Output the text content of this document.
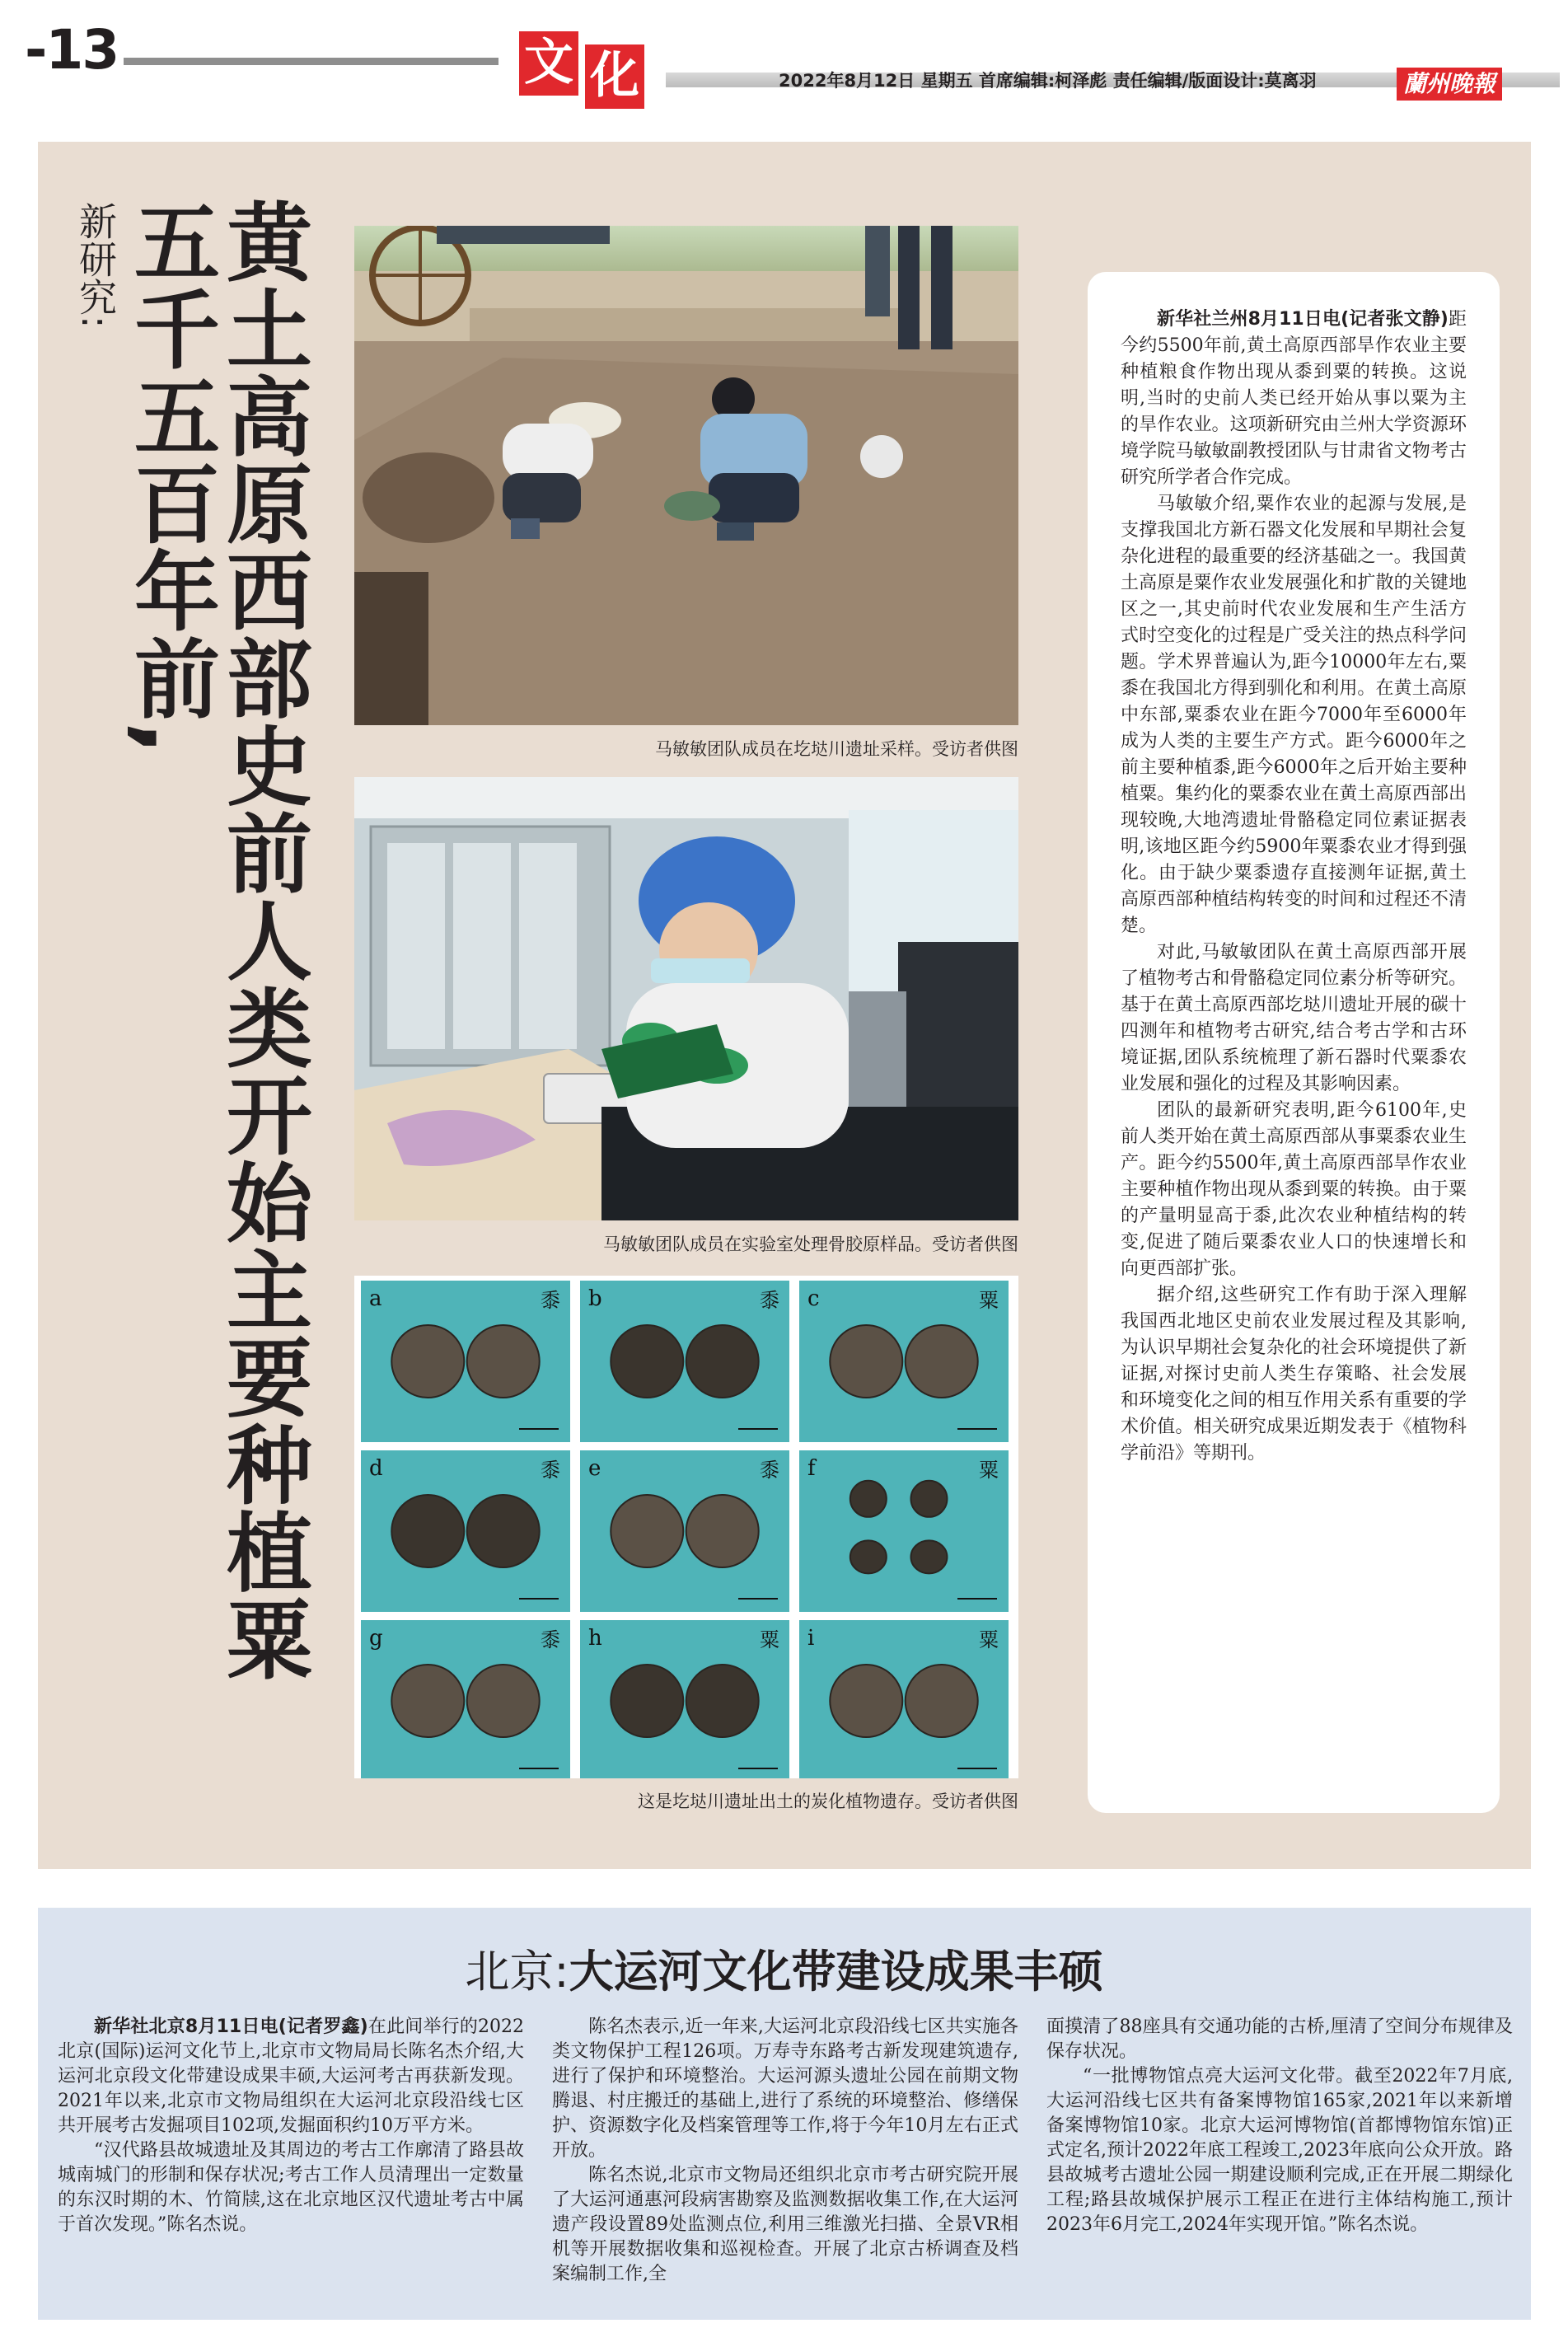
-13	文 化	2022年8月12日 星期五 首席编辑:柯泽彪 责任编辑/版面设计:莫离羽	蘭州晚報
新研究: 黄土高原西部史前人类开始主要种植粟
五千五百年前,	马敏敏团队成员在圪垯川遗址采样。受访者供图
马敏敏团队成员在实验室处理骨胶原样品。受访者供图
a	黍 b	黍 c	粟
d	黍 e	黍 f	粟
g	黍 h	粟 i	粟
这是圪垯川遗址出土的炭化植物遗存。受访者供图

新华社兰州8月11日电(记者张文静)距今约5500年前,黄土高原西部旱作农业主要种植粮食作物出现从黍到粟的转换。这说明,当时的史前人类已经开始从事以粟为主的旱作农业。这项新研究由兰州大学资源环境学院马敏敏副教授团队与甘肃省文物考古研究所学者合作完成。

马敏敏介绍,粟作农业的起源与发展,是支撑我国北方新石器文化发展和早期社会复杂化进程的最重要的经济基础之一。我国黄土高原是粟作农业发展强化和扩散的关键地区之一,其史前时代农业发展和生产生活方式时空变化的过程是广受关注的热点科学问题。学术界普遍认为,距今10000年左右,粟黍在我国北方得到驯化和利用。在黄土高原中东部,粟黍农业在距今7000年至6000年成为人类的主要生产方式。距今6000年之前主要种植黍,距今6000年之后开始主要种植粟。集约化的粟黍农业在黄土高原西部出现较晚,大地湾遗址骨骼稳定同位素证据表明,该地区距今约5900年粟黍农业才得到强化。由于缺少粟黍遗存直接测年证据,黄土高原西部种植结构转变的时间和过程还不清楚。

对此,马敏敏团队在黄土高原西部开展了植物考古和骨骼稳定同位素分析等研究。基于在黄土高原西部圪垯川遗址开展的碳十四测年和植物考古研究,结合考古学和古环境证据,团队系统梳理了新石器时代粟黍农业发展和强化的过程及其影响因素。

团队的最新研究表明,距今6100年,史前人类开始在黄土高原西部从事粟黍农业生产。距今约5500年,黄土高原西部旱作农业主要种植作物出现从黍到粟的转换。由于粟的产量明显高于黍,此次农业种植结构的转变,促进了随后粟黍农业人口的快速增长和向更西部扩张。

据介绍,这些研究工作有助于深入理解我国西北地区史前农业发展过程及其影响,为认识早期社会复杂化的社会环境提供了新证据,对探讨史前人类生存策略、社会发展和环境变化之间的相互作用关系有重要的学术价值。相关研究成果近期发表于《植物科学前沿》等期刊。

北京:大运河文化带建设成果丰硕

新华社北京8月11日电(记者罗鑫)在此间举行的2022北京(国际)运河文化节上,北京市文物局局长陈名杰介绍,大运河北京段文化带建设成果丰硕,大运河考古再获新发现。2021年以来,北京市文物局组织在大运河北京段沿线七区共开展考古发掘项目102项,发掘面积约10万平方米。

“汉代路县故城遗址及其周边的考古工作廓清了路县故城南城门的形制和保存状况;考古工作人员清理出一定数量的东汉时期的木、竹简牍,这在北京地区汉代遗址考古中属于首次发现。”陈名杰说。

陈名杰表示,近一年来,大运河北京段沿线七区共实施各类文物保护工程126项。万寿寺东路考古新发现建筑遗存,进行了保护和环境整治。大运河源头遗址公园在前期文物腾退、村庄搬迁的基础上,进行了系统的环境整治、修缮保护、资源数字化及档案管理等工作,将于今年10月左右正式开放。

陈名杰说,北京市文物局还组织北京市考古研究院开展了大运河通惠河段病害勘察及监测数据收集工作,在大运河遗产段设置89处监测点位,利用三维激光扫描、全景VR相机等开展数据收集和巡视检查。开展了北京古桥调查及档案编制工作,全

面摸清了88座具有交通功能的古桥,厘清了空间分布规律及保存状况。

“一批博物馆点亮大运河文化带。截至2022年7月底,大运河沿线七区共有备案博物馆165家,2021年以来新增备案博物馆10家。北京大运河博物馆(首都博物馆东馆)正式定名,预计2022年底工程竣工,2023年底向公众开放。路县故城考古遗址公园一期建设顺利完成,正在开展二期绿化工程;路县故城保护展示工程正在进行主体结构施工,预计2023年6月完工,2024年实现开馆。”陈名杰说。
